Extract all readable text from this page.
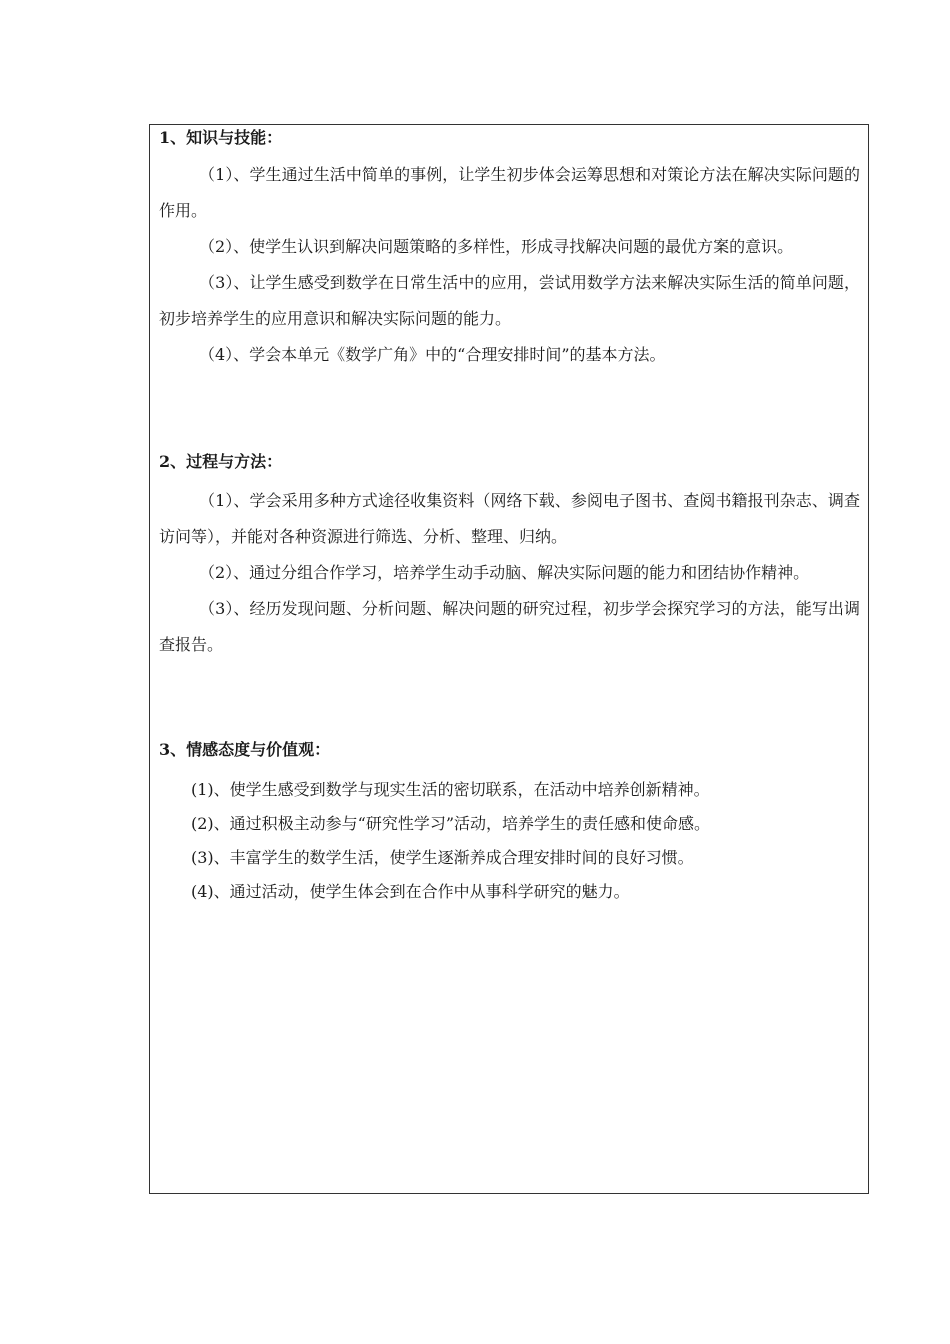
1、知识与技能：

（1）、学生通过生活中简单的事例，让学生初步体会运筹思想和对策论方法在解决实际问题的作用。

（2）、使学生认识到解决问题策略的多样性，形成寻找解决问题的最优方案的意识。

（3）、让学生感受到数学在日常生活中的应用，尝试用数学方法来解决实际生活的简单问题，初步培养学生的应用意识和解决实际问题的能力。

（4）、学会本单元《数学广角》中的“合理安排时间”的基本方法。

2、过程与方法：

（1）、学会采用多种方式途径收集资料（网络下载、参阅电子图书、查阅书籍报刊杂志、调查访问等），并能对各种资源进行筛选、分析、整理、归纳。

（2）、通过分组合作学习，培养学生动手动脑、解决实际问题的能力和团结协作精神。

（3）、经历发现问题、分析问题、解决问题的研究过程，初步学会探究学习的方法，能写出调查报告。

3、情感态度与价值观：

(1)、使学生感受到数学与现实生活的密切联系，在活动中培养创新精神。

(2)、通过积极主动参与“研究性学习”活动，培养学生的责任感和使命感。

(3)、丰富学生的数学生活，使学生逐渐养成合理安排时间的良好习惯。

(4)、通过活动，使学生体会到在合作中从事科学研究的魅力。
